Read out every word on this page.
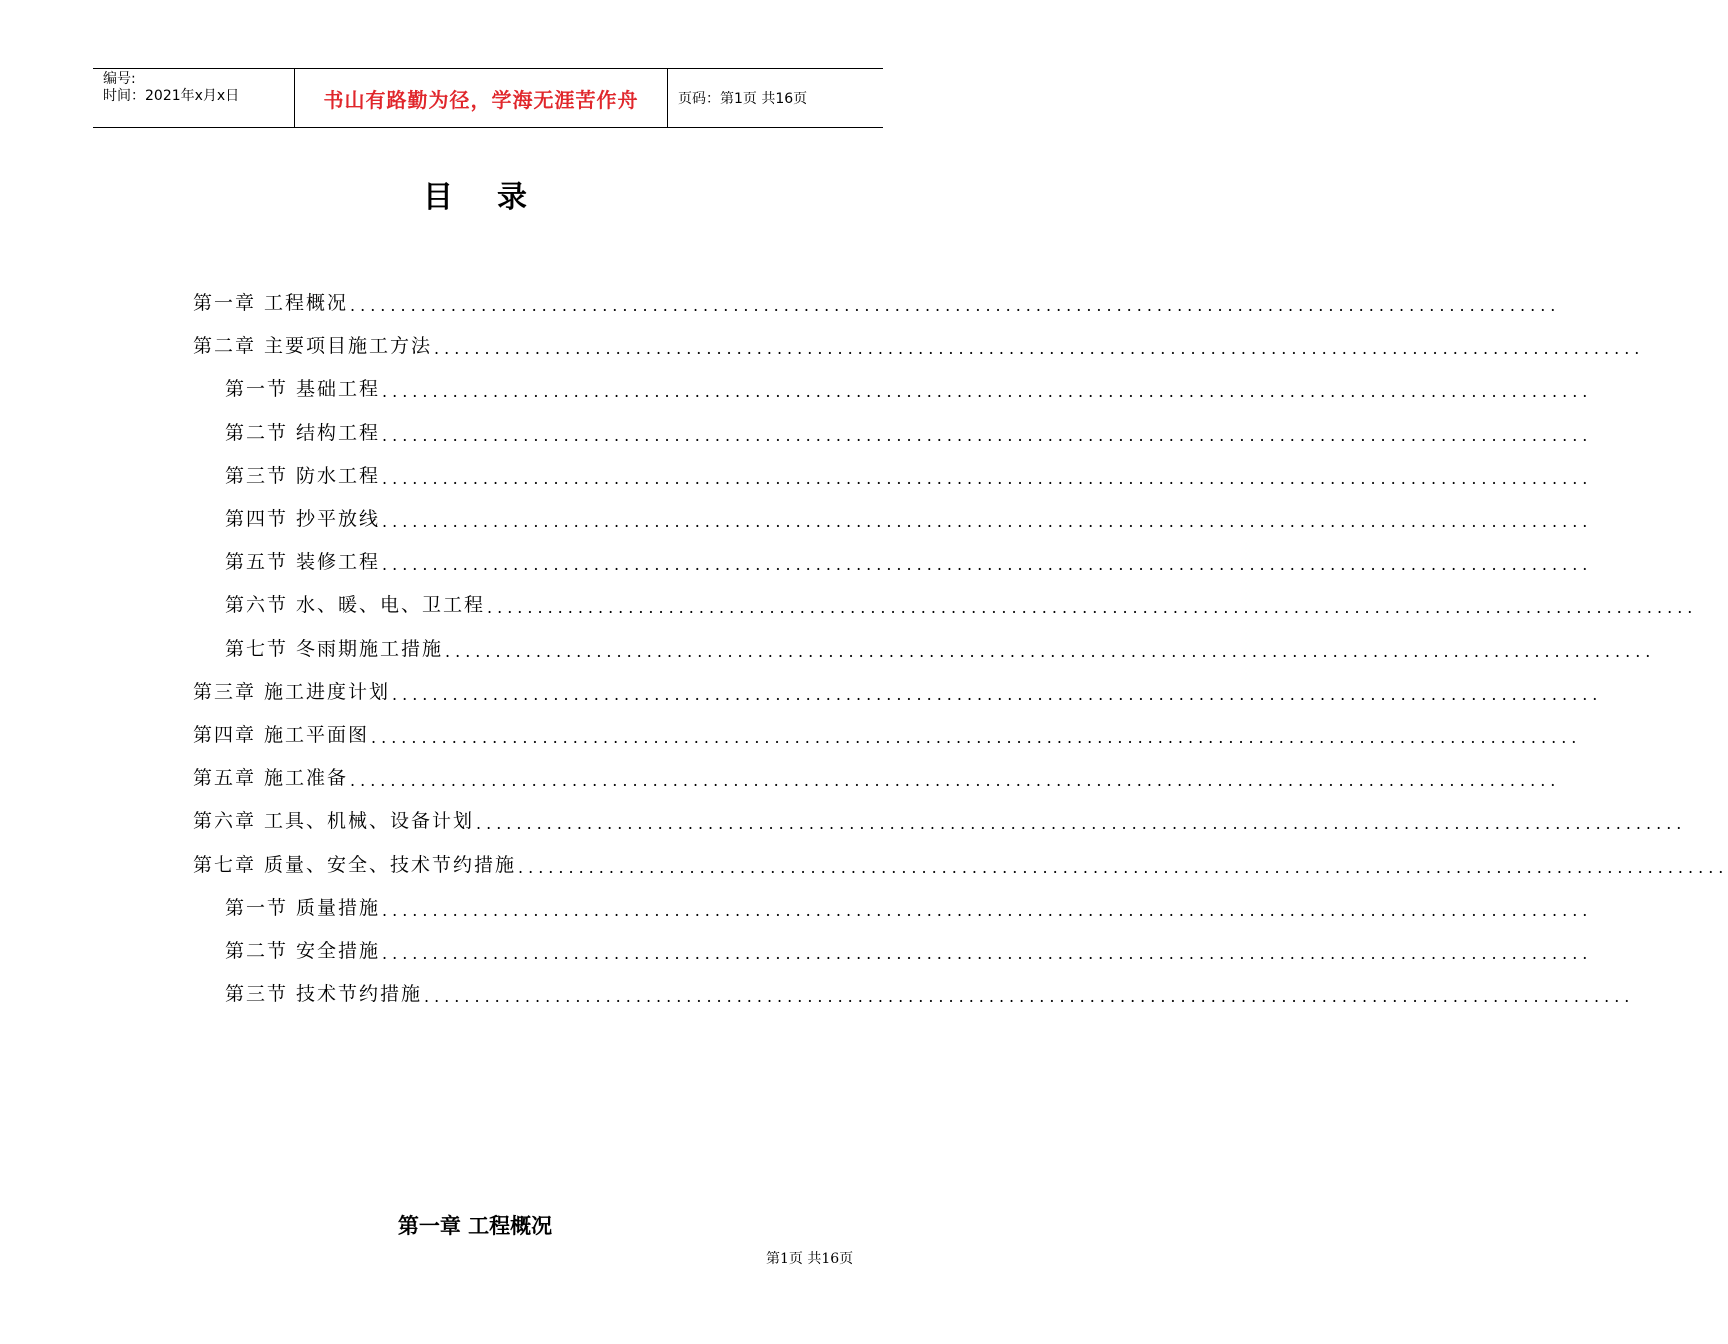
编号:
时间：2021年x月x日	书山有路勤为径，学海无涯苦作舟	页码：第1页 共16页
目录
第一章 工程概况 ........................................................................................................................
第二章 主要项目施工方法 ........................................................................................................................
第一节 基础工程 ........................................................................................................................
第二节 结构工程 ........................................................................................................................
第三节 防水工程 ........................................................................................................................
第四节 抄平放线 ........................................................................................................................
第五节 装修工程 ........................................................................................................................
第六节 水、暖、电、卫工程 ........................................................................................................................
第七节 冬雨期施工措施 ........................................................................................................................
第三章 施工进度计划 ........................................................................................................................
第四章 施工平面图 ........................................................................................................................
第五章 施工准备 ........................................................................................................................
第六章 工具、机械、设备计划 ........................................................................................................................
第七章 质量、安全、技术节约措施 ........................................................................................................................
第一节 质量措施 ........................................................................................................................
第二节 安全措施 ........................................................................................................................
第三节 技术节约措施 ........................................................................................................................
第一章 工程概况
第1页 共16页
